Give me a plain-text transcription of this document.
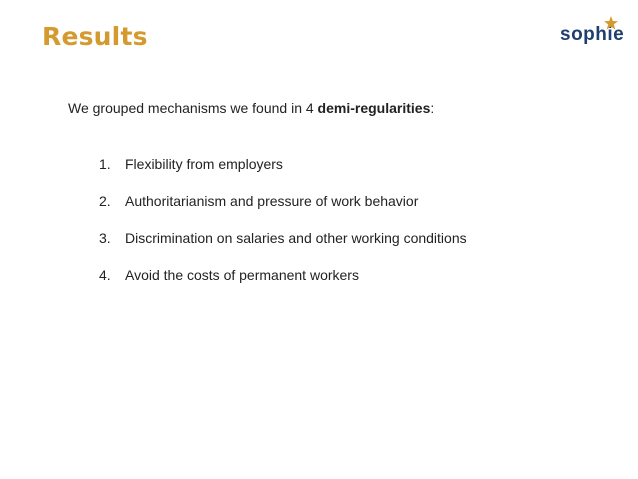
Results	sophie
We grouped mechanisms we found in 4 demi-regularities:
1. Flexibility from employers
2. Authoritarianism and pressure of work behavior
3. Discrimination on salaries and other working conditions
4. Avoid the costs of permanent workers
